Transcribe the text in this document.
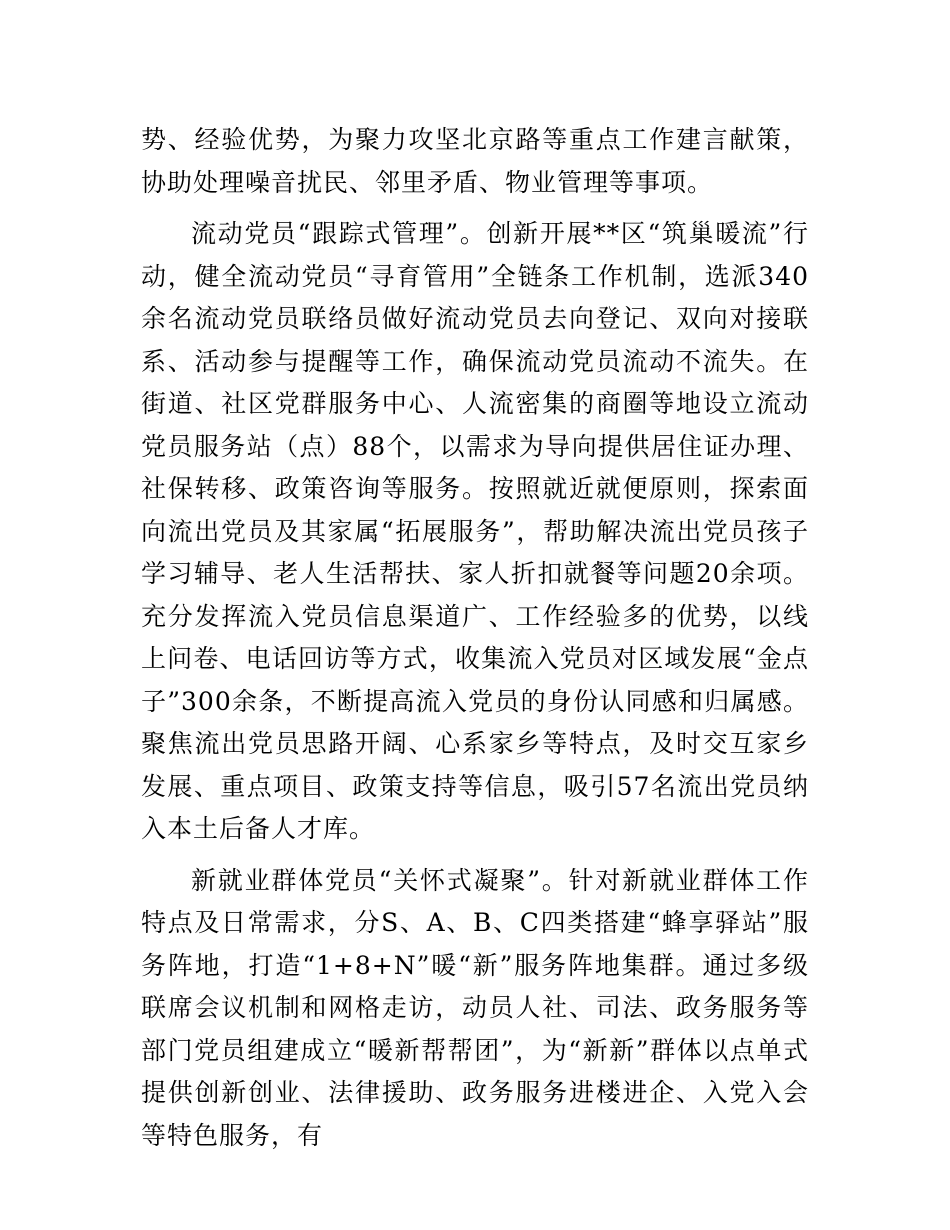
势、经验优势，为聚力攻坚北京路等重点工作建言献策，协助处理噪音扰民、邻里矛盾、物业管理等事项。

流动党员“跟踪式管理”。创新开展**区“筑巢暖流”行动，健全流动党员“寻育管用”全链条工作机制，选派340余名流动党员联络员做好流动党员去向登记、双向对接联系、活动参与提醒等工作，确保流动党员流动不流失。在街道、社区党群服务中心、人流密集的商圈等地设立流动党员服务站（点）88个，以需求为导向提供居住证办理、社保转移、政策咨询等服务。按照就近就便原则，探索面向流出党员及其家属“拓展服务”，帮助解决流出党员孩子学习辅导、老人生活帮扶、家人折扣就餐等问题20余项。充分发挥流入党员信息渠道广、工作经验多的优势，以线上问卷、电话回访等方式，收集流入党员对区域发展“金点子”300余条，不断提高流入党员的身份认同感和归属感。聚焦流出党员思路开阔、心系家乡等特点，及时交互家乡发展、重点项目、政策支持等信息，吸引57名流出党员纳入本土后备人才库。

新就业群体党员“关怀式凝聚”。针对新就业群体工作特点及日常需求，分S、A、B、C四类搭建“蜂享驿站”服务阵地，打造“1+8+N”暖“新”服务阵地集群。通过多级联席会议机制和网格走访，动员人社、司法、政务服务等部门党员组建成立“暖新帮帮团”，为“新新”群体以点单式提供创新创业、法律援助、政务服务进楼进企、入党入会等特色服务，有
